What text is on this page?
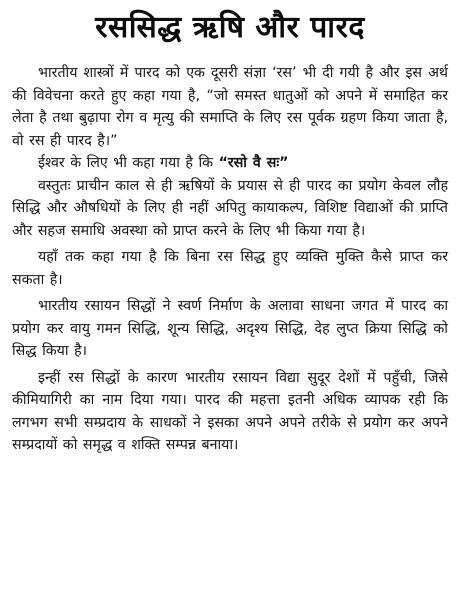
रससिद्ध ऋषि और पारद

भारतीय शास्त्रों में पारद को एक दूसरी संज्ञा ‘रस’ भी दी गयी है और इस अर्थ की विवेचना करते हुए कहा गया है, “जो समस्त धातुओं को अपने में समाहित कर लेता है तथा बुढ़ापा रोग व मृत्यु की समाप्ति के लिए रस पूर्वक ग्रहण किया जाता है, वो रस ही पारद है।”

ईश्वर के लिए भी कहा गया है कि “रसो वै सः”

वस्तुतः प्राचीन काल से ही ऋषियों के प्रयास से ही पारद का प्रयोग केवल लौह सिद्धि और औषधियों के लिए ही नहीं अपितु कायाकल्प, विशिष्ट विद्याओं की प्राप्ति और सहज समाधि अवस्था को प्राप्त करने के लिए भी किया गया है।

यहाँ तक कहा गया है कि बिना रस सिद्ध हुए व्यक्ति मुक्ति कैसे प्राप्त कर सकता है।

भारतीय रसायन सिद्धों ने स्वर्ण निर्माण के अलावा साधना जगत में पारद का प्रयोग कर वायु गमन सिद्धि, शून्य सिद्धि, अदृश्य सिद्धि, देह लुप्त क्रिया सिद्धि को सिद्ध किया है।

इन्हीं रस सिद्धों के कारण भारतीय रसायन विद्या सुदूर देशों में पहुँची, जिसे कीमियागिरी का नाम दिया गया। पारद की महत्ता इतनी अधिक व्यापक रही कि लगभग सभी सम्प्रदाय के साधकों ने इसका अपने अपने तरीके से प्रयोग कर अपने सम्प्रदायों को समृद्ध व शक्ति सम्पन्न बनाया।
